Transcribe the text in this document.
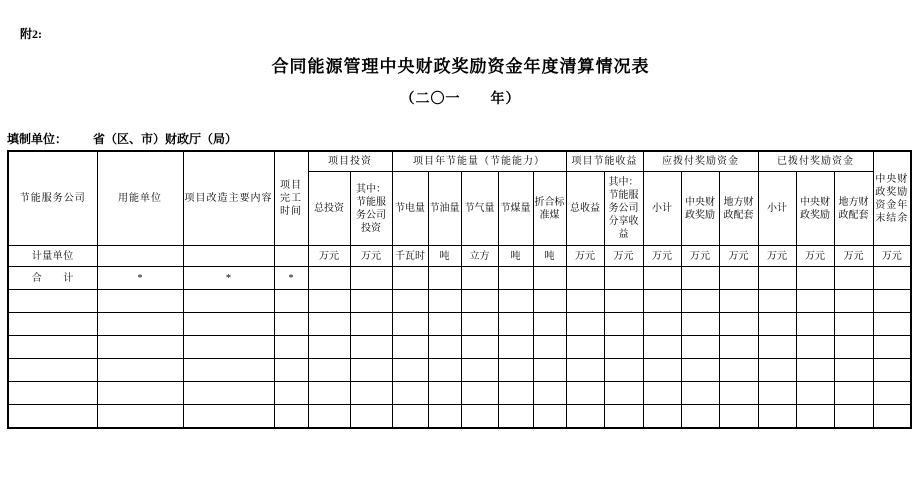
附2:
合同能源管理中央财政奖励资金年度清算情况表
（二〇一　　年）
填制单位： 省（区、市）财政厅（局）
节能服务公司	用能单位	项目改造主要内容	项目完工时间	项目投资		项目年节能量（节能能力）					项目节能收益		应拨付奖励资金			已拨付奖励资金			中央财政奖励资金年末结余
				总投资	其中：节能服务公司投资	节电量	节油量	节气量	节煤量	折合标准煤	总收益	其中：节能服务公司分享收益	小计	中央财政奖励	地方财政配套	小计	中央财政奖励	地方财政配套	
计量单位				万元	万元	千瓦时	吨	立方	吨	吨	万元	万元	万元	万元	万元	万元	万元	万元	万元
合　　计	*	*	*																
